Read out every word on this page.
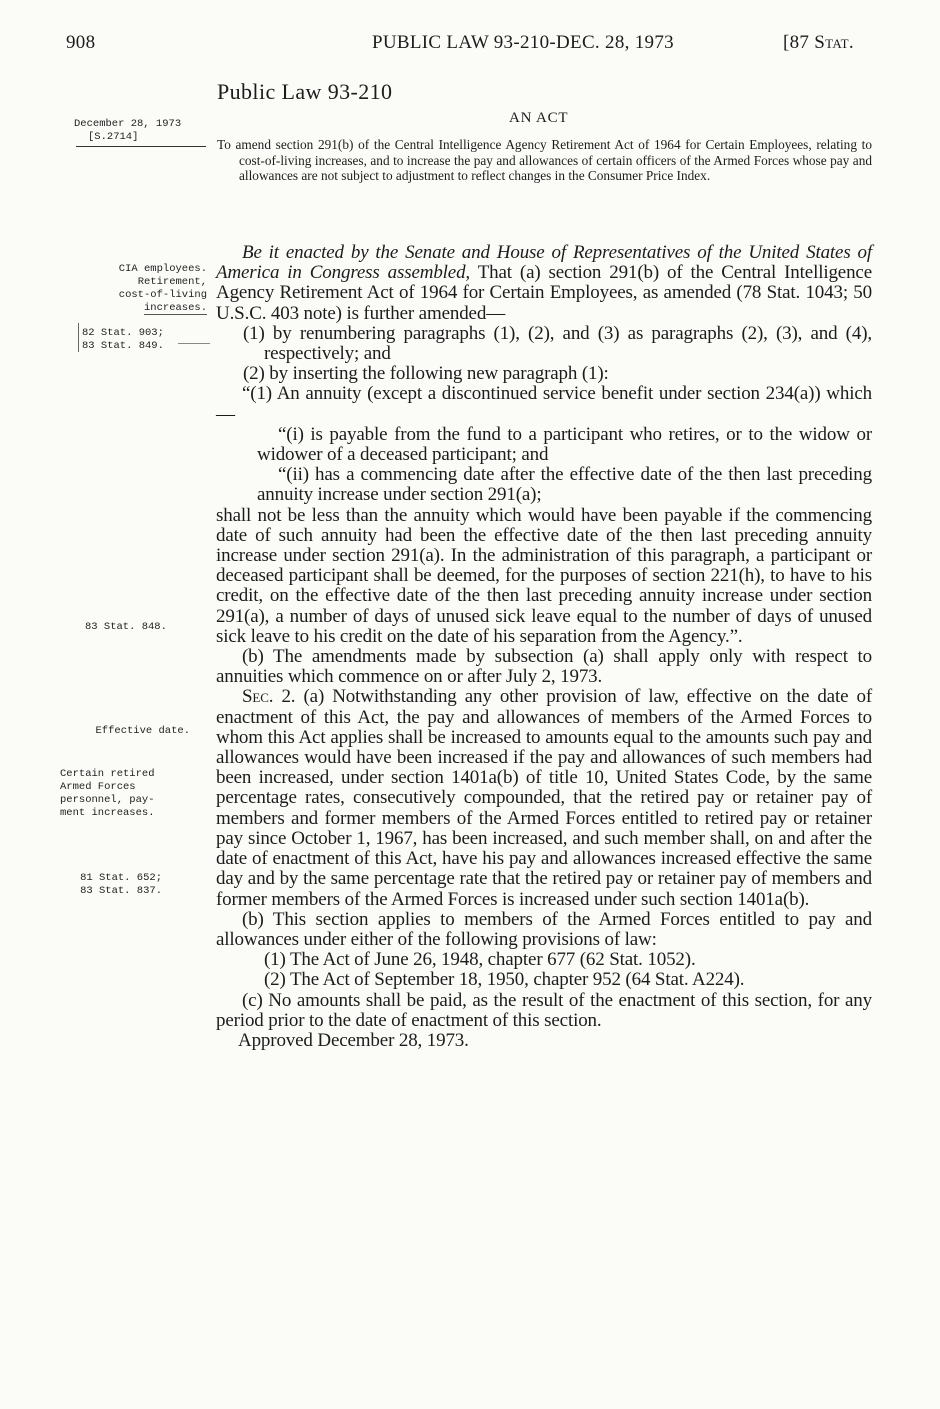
908	PUBLIC LAW 93-210-DEC. 28, 1973	[87 Stat.
Public Law 93-210
AN ACT
December 28, 1973
[S.2714]
CIA employees.
Retirement,
cost-of-living
increases.
82 Stat. 903;
83 Stat. 849.
83 Stat. 848.
Effective date.
Certain retired
Armed Forces
personnel, pay-
ment increases.
81 Stat. 652;
83 Stat. 837.
To amend section 291(b) of the Central Intelligence Agency Retirement Act of 1964 for Certain Employees, relating to cost-of-living increases, and to increase the pay and allowances of certain officers of the Armed Forces whose pay and allowances are not subject to adjustment to reflect changes in the Consumer Price Index.

Be it enacted by the Senate and House of Representatives of the United States of America in Congress assembled, That (a) section 291(b) of the Central Intelligence Agency Retirement Act of 1964 for Certain Employees, as amended (78 Stat. 1043; 50 U.S.C. 403 note) is further amended—

(1) by renumbering paragraphs (1), (2), and (3) as paragraphs (2), (3), and (4), respectively; and

(2) by inserting the following new paragraph (1):

“(1) An annuity (except a discontinued service benefit under section 234(a)) which—

“(i) is payable from the fund to a participant who retires, or to the widow or widower of a deceased participant; and

“(ii) has a commencing date after the effective date of the then last preceding annuity increase under section 291(a);

shall not be less than the annuity which would have been payable if the commencing date of such annuity had been the effective date of the then last preceding annuity increase under section 291(a). In the administration of this paragraph, a participant or deceased participant shall be deemed, for the purposes of section 221(h), to have to his credit, on the effective date of the then last preceding annuity increase under section 291(a), a number of days of unused sick leave equal to the number of days of unused sick leave to his credit on the date of his separation from the Agency.”.

(b) The amendments made by subsection (a) shall apply only with respect to annuities which commence on or after July 2, 1973.

Sec. 2. (a) Notwithstanding any other provision of law, effective on the date of enactment of this Act, the pay and allowances of members of the Armed Forces to whom this Act applies shall be increased to amounts equal to the amounts such pay and allowances would have been increased if the pay and allowances of such members had been increased, under section 1401a(b) of title 10, United States Code, by the same percentage rates, consecutively compounded, that the retired pay or retainer pay of members and former members of the Armed Forces entitled to retired pay or retainer pay since October 1, 1967, has been increased, and such member shall, on and after the date of enactment of this Act, have his pay and allowances increased effective the same day and by the same percentage rate that the retired pay or retainer pay of members and former members of the Armed Forces is increased under such section 1401a(b).

(b) This section applies to members of the Armed Forces entitled to pay and allowances under either of the following provisions of law:

(1) The Act of June 26, 1948, chapter 677 (62 Stat. 1052).

(2) The Act of September 18, 1950, chapter 952 (64 Stat. A224).

(c) No amounts shall be paid, as the result of the enactment of this section, for any period prior to the date of enactment of this section.

Approved December 28, 1973.
